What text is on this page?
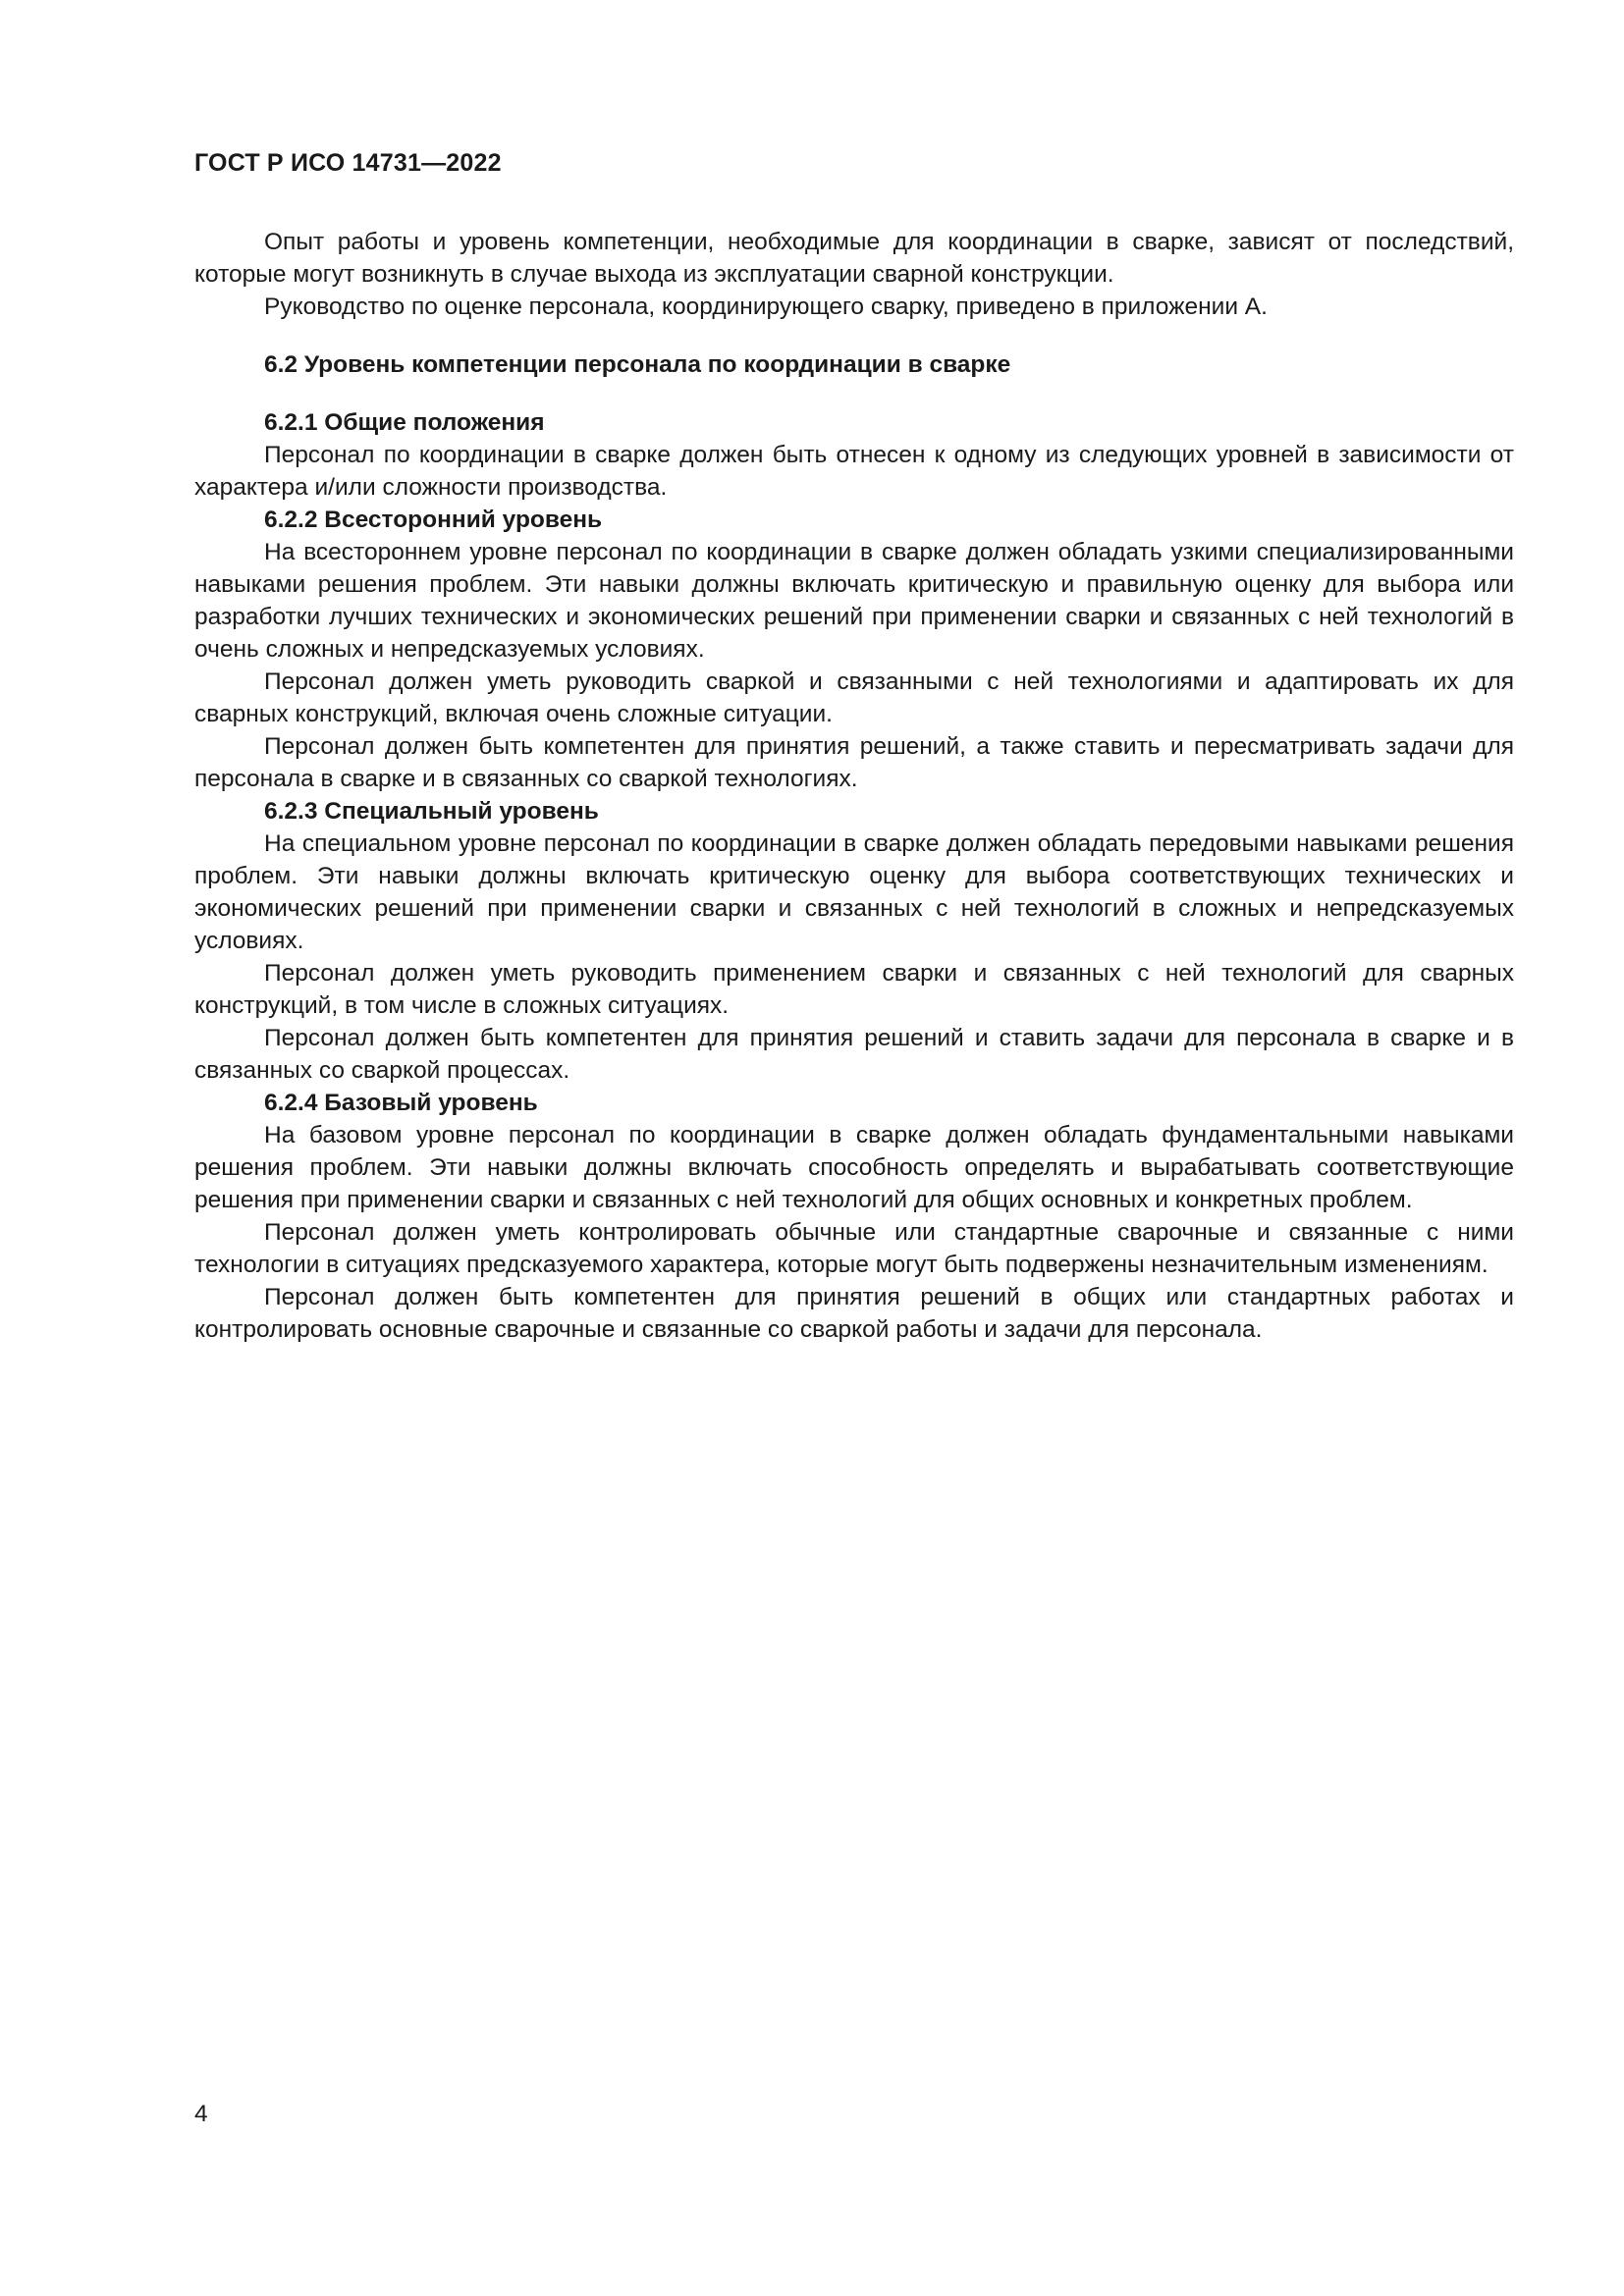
ГОСТ Р ИСО 14731—2022

Опыт работы и уровень компетенции, необходимые для координации в сварке, зависят от последствий, которые могут возникнуть в случае выхода из эксплуатации сварной конструкции.

Руководство по оценке персонала, координирующего сварку, приведено в приложении А.

6.2 Уровень компетенции персонала по координации в сварке

6.2.1 Общие положения

Персонал по координации в сварке должен быть отнесен к одному из следующих уровней в зависимости от характера и/или сложности производства.

6.2.2 Всесторонний уровень

На всестороннем уровне персонал по координации в сварке должен обладать узкими специализированными навыками решения проблем. Эти навыки должны включать критическую и правильную оценку для выбора или разработки лучших технических и экономических решений при применении сварки и связанных с ней технологий в очень сложных и непредсказуемых условиях.

Персонал должен уметь руководить сваркой и связанными с ней технологиями и адаптировать их для сварных конструкций, включая очень сложные ситуации.

Персонал должен быть компетентен для принятия решений, а также ставить и пересматривать задачи для персонала в сварке и в связанных со сваркой технологиях.

6.2.3 Специальный уровень

На специальном уровне персонал по координации в сварке должен обладать передовыми навыками решения проблем. Эти навыки должны включать критическую оценку для выбора соответствующих технических и экономических решений при применении сварки и связанных с ней технологий в сложных и непредсказуемых условиях.

Персонал должен уметь руководить применением сварки и связанных с ней технологий для сварных конструкций, в том числе в сложных ситуациях.

Персонал должен быть компетентен для принятия решений и ставить задачи для персонала в сварке и в связанных со сваркой процессах.

6.2.4 Базовый уровень

На базовом уровне персонал по координации в сварке должен обладать фундаментальными навыками решения проблем. Эти навыки должны включать способность определять и вырабатывать соответствующие решения при применении сварки и связанных с ней технологий для общих основных и конкретных проблем.

Персонал должен уметь контролировать обычные или стандартные сварочные и связанные с ними технологии в ситуациях предсказуемого характера, которые могут быть подвержены незначительным изменениям.

Персонал должен быть компетентен для принятия решений в общих или стандартных работах и контролировать основные сварочные и связанные со сваркой работы и задачи для персонала.

4
